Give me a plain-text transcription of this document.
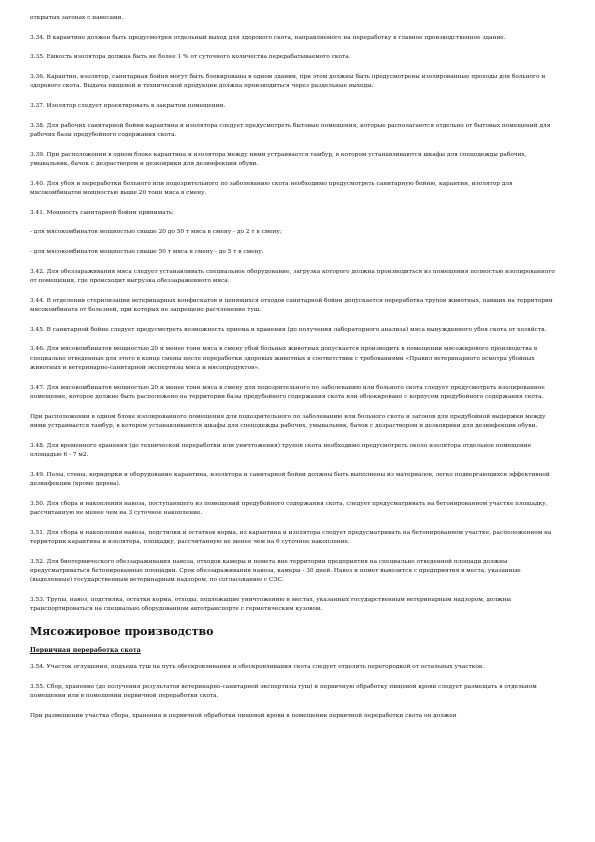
открытых загонах с навесами.

3.34. В карантине должен быть предусмотрен отдельный выход для здорового скота, направляемого на переработку в главное производственное здание.

3.35. Емкость изолятора должна быть не более 1 % от суточного количества перерабатываемого скота.

3.36. Карантин, изолятор, санитарная бойня могут быть блокированы в одном здании, при этом должны быть предусмотрены изолированные проходы для больного и здорового скота. Выдача пищевой и технической продукции должна производиться через раздельные выходы.

3.37. Изолятор следует проектировать в закрытом помещении.

3.38. Для рабочих санитарной бойни карантина и изолятора следует предусмотреть бытовые помещения, которые располагаются отдельно от бытовых помещений для рабочих базы предубойного содержания скота.

3.39. При расположении в одном блоке карантина и изолятора между ними устраивается тамбур, в котором устанавливаются шкафы для спецодежды рабочих, умывальник, бачок с дезраствором и дезковрики для дезинфекции обуви.

3.40. Для убоя и переработки больного или подозрительного по заболеванию скота необходимо предусмотреть санитарную бойню, карантин, изолятор для мясокомбинатов мощностью выше 20 тонн мяса в смену.

3.41. Мощность санитарной бойни принимать:

- для мясокомбинатов мощностью свыше 20 до 50 т мяса в смену - до 2 т в смену;

- для мясокомбинатов мощностью свыше 50 т мяса в смену - до 5 т в смену.

3.42. Для обеззараживания мяса следует устанавливать специальное оборудование, загрузка которого должна производиться из помещения полностью изолированного от помещения, где происходит выгрузка обеззараженного мяса.

3.44. В отделении стерилизации ветеринарных конфискатов и ценящихся отходов санитарной бойни допускается переработка трупов животных, павших на территории мясокомбината от болезней, при которых не запрещено расчленение туш.

3.45. В санитарной бойне следует предусмотреть возможность приема и хранения (до получения лабораторного анализа) мяса вынужденного убоя скота от хозяйств.

3.46. Для мясокомбинатов мощностью 20 и менее тонн мяса в смену убой больных животных допускается производить в помещении мясожирового производства в специально отведенные для этого в конце смены после переработки здоровых животных в соответствии с требованиями «Правил ветеринарного осмотра убойных животных и ветеринарно-санитарной экспертизы мяса и мясопродуктов».

3.47. Для мясокомбинатов мощностью 20 и менее тонн мяса в смену для подозрительного по заболеванию или больного скота следует предусмотреть изолированное помещение, которое должно быть расположено на территории базы предубойного содержания скота или облокировано с корпусом предубойного содержания скота.

При расположении в одном блоке изолированного помещения для подозрительного по заболеванию или больного скота и загонов для предубойной выдержки между ними устраивается тамбур, в котором устанавливаются шкафы для спецодежды рабочих, умывальник, бачок с дезраствором и дезковрики для дезинфекции обуви.

3.48. Для временного хранения (до технической переработки или уничтожения) трупов скота необходимо предусмотреть около изолятора отдельное помещение площадью 6 - 7 м2.

3.49. Полы, стены, коридорки и оборудование карантина, изолятора и санитарной бойни должны быть выполнены из материалов, легко подвергающихся эффективной дезинфекции (кроме дерева).

3.50. Для сбора и накопления навоза, поступающего из помещений предубойного содержания скота, следует предусматривать на бетонированном участке площадку, рассчитанную не менее чем на 3 суточное накопление.

3.51. Для сбора и накопления навоза, подстилки и остатков корма, из карантина и изолятора следует предусматривать на бетонированном участке, расположенном на территории карантина и изолятора, площадку, рассчитанную не менее чем на 6 суточное накопление.

3.52. Для биотермического обеззараживания навоза, отходов камеры и помета вне территории предприятия на специально отведенной площади должны предусматриваться бетонированные площадки. Срок обеззараживания навоза, камеры - 30 дней. Навоз и помет вывозится с предприятия в места, указанные (выделенные) государственным ветеринарным надзором, по согласованию с СЭС.

3.53. Трупы, навоз, подстилка, остатки корма, отходы, подлежащие уничтожению в местах, указанных государственным ветеринарным надзором, должны транспортироваться на специально оборудованном автотранспорте с герметическим кузовом.

Мясожировое производство
Первичная переработка скота

3.54. Участок оглушения, подъема туш на путь обескровливания и обескровливания скота следует отделить перегородкой от остальных участков.

3.55. Сбор, хранение (до получения результатов ветеринарно-санитарной экспертизы туш) и первичную обработку пищевой крови следует размещать в отдельном помещении или в помещении первичной переработки скота.

При размещении участка сбора, хранения и первичной обработки пищевой крови в помещении первичной переработки скота он должен
